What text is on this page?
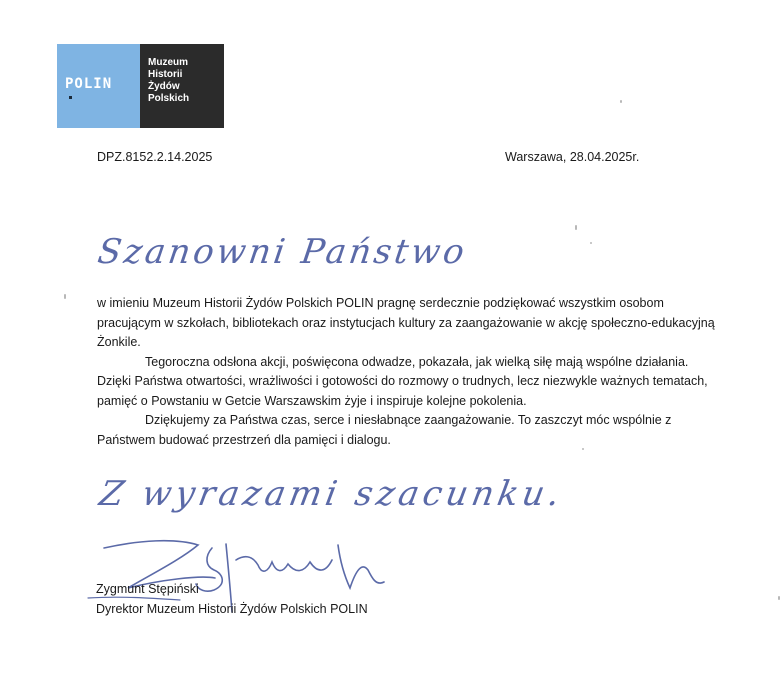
POLIN
Muzeum
Historii
Żydów
Polskich
DPZ.8152.2.14.2025	Warszawa, 28.04.2025r.
Szanowni Państwo

w imieniu Muzeum Historii Żydów Polskich POLIN pragnę serdecznie podziękować wszystkim osobom pracującym w szkołach, bibliotekach oraz instytucjach kultury za zaangażowanie w akcję społeczno-edukacyjną Żonkile.

Tegoroczna odsłona akcji, poświęcona odwadze, pokazała, jak wielką siłę mają wspólne działania. Dzięki Państwa otwartości, wrażliwości i gotowości do rozmowy o trudnych, lecz niezwykle ważnych tematach, pamięć o Powstaniu w Getcie Warszawskim żyje i inspiruje kolejne pokolenia.

Dziękujemy za Państwa czas, serce i niesłabnące zaangażowanie. To zaszczyt móc wspólnie z Państwem budować przestrzeń dla pamięci i dialogu.

Z wyrazami szacunku.
Zygmunt Stępiński
Dyrektor Muzeum Historii Żydów Polskich POLIN
